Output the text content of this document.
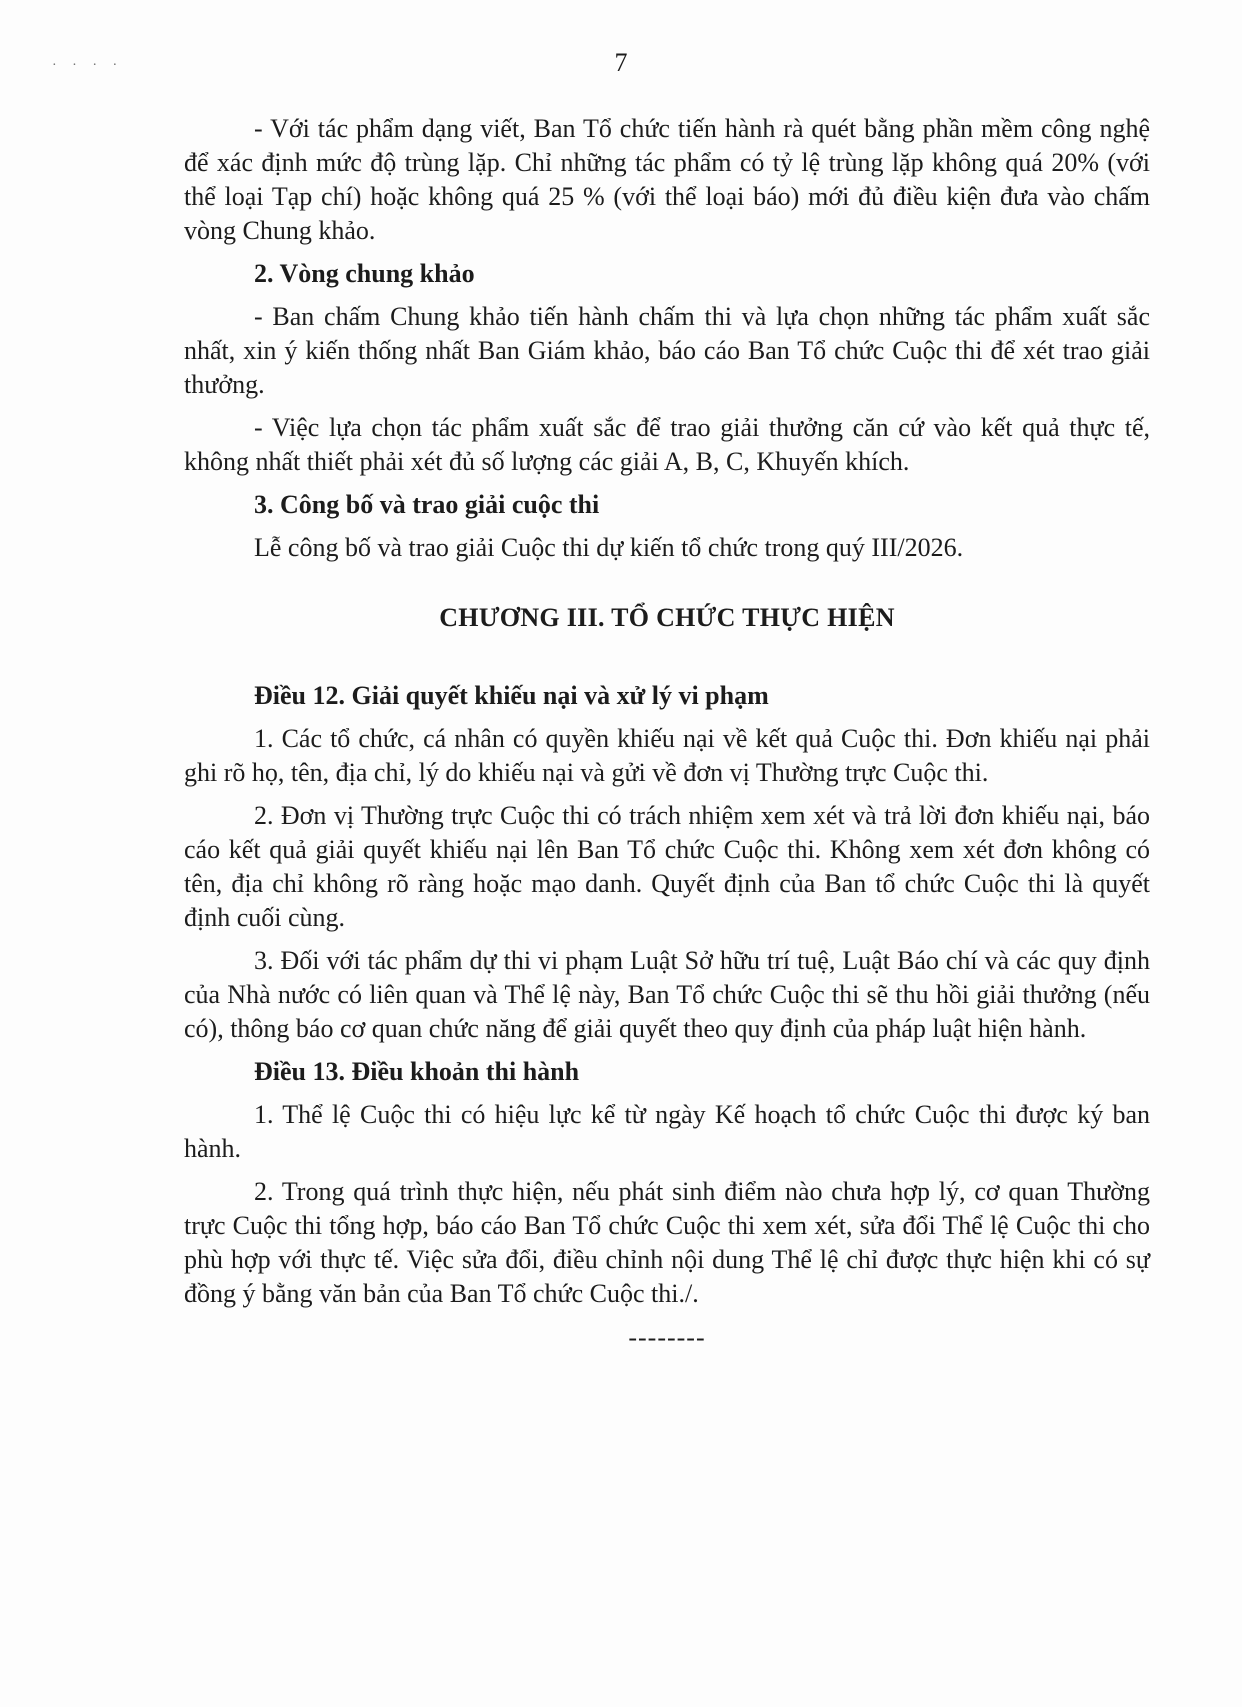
· · · ·	7

- Với tác phẩm dạng viết, Ban Tổ chức tiến hành rà quét bằng phần mềm công nghệ để xác định mức độ trùng lặp. Chỉ những tác phẩm có tỷ lệ trùng lặp không quá 20% (với thể loại Tạp chí) hoặc không quá 25 % (với thể loại báo) mới đủ điều kiện đưa vào chấm vòng Chung khảo.

2. Vòng chung khảo

- Ban chấm Chung khảo tiến hành chấm thi và lựa chọn những tác phẩm xuất sắc nhất, xin ý kiến thống nhất Ban Giám khảo, báo cáo Ban Tổ chức Cuộc thi để xét trao giải thưởng.

- Việc lựa chọn tác phẩm xuất sắc để trao giải thưởng căn cứ vào kết quả thực tế, không nhất thiết phải xét đủ số lượng các giải A, B, C, Khuyến khích.

3. Công bố và trao giải cuộc thi

Lễ công bố và trao giải Cuộc thi dự kiến tổ chức trong quý III/2026.

CHƯƠNG III. TỔ CHỨC THỰC HIỆN

Điều 12. Giải quyết khiếu nại và xử lý vi phạm

1. Các tổ chức, cá nhân có quyền khiếu nại về kết quả Cuộc thi. Đơn khiếu nại phải ghi rõ họ, tên, địa chỉ, lý do khiếu nại và gửi về đơn vị Thường trực Cuộc thi.

2. Đơn vị Thường trực Cuộc thi có trách nhiệm xem xét và trả lời đơn khiếu nại, báo cáo kết quả giải quyết khiếu nại lên Ban Tổ chức Cuộc thi. Không xem xét đơn không có tên, địa chỉ không rõ ràng hoặc mạo danh. Quyết định của Ban tổ chức Cuộc thi là quyết định cuối cùng.

3. Đối với tác phẩm dự thi vi phạm Luật Sở hữu trí tuệ, Luật Báo chí và các quy định của Nhà nước có liên quan và Thể lệ này, Ban Tổ chức Cuộc thi sẽ thu hồi giải thưởng (nếu có), thông báo cơ quan chức năng để giải quyết theo quy định của pháp luật hiện hành.

Điều 13. Điều khoản thi hành

1. Thể lệ Cuộc thi có hiệu lực kể từ ngày Kế hoạch tổ chức Cuộc thi được ký ban hành.

2. Trong quá trình thực hiện, nếu phát sinh điểm nào chưa hợp lý, cơ quan Thường trực Cuộc thi tổng hợp, báo cáo Ban Tổ chức Cuộc thi xem xét, sửa đổi Thể lệ Cuộc thi cho phù hợp với thực tế. Việc sửa đổi, điều chỉnh nội dung Thể lệ chỉ được thực hiện khi có sự đồng ý bằng văn bản của Ban Tổ chức Cuộc thi./.

--------
